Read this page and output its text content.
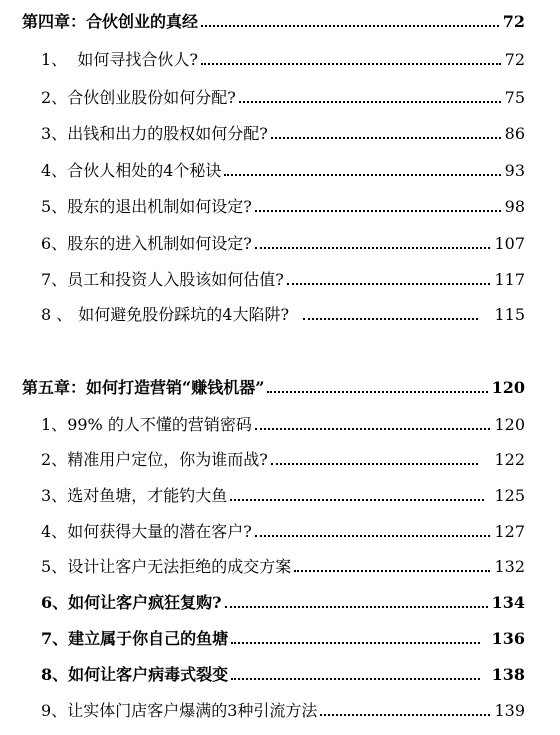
第四章：合伙创业的真经	72
1、  如何寻找合伙人?	72
2、合伙创业股份如何分配?	75
3、出钱和出力的股权如何分配?	86
4、合伙人相处的4个秘诀	93
5、股东的退出机制如何设定?	98
6、股东的进入机制如何设定?	107
7、员工和投资人入股该如何估值?	117
8 、 如何避免股份踩坑的4大陷阱?	115
第五章：如何打造营销“赚钱机器”	120
1、99% 的人不懂的营销密码	120
2、精准用户定位，你为谁而战?	122
3、选对鱼塘，才能钓大鱼	125
4、如何获得大量的潜在客户?	127
5、设计让客户无法拒绝的成交方案	132
6、如何让客户疯狂复购?	134
7、建立属于你自己的鱼塘	136
8、如何让客户病毒式裂变	138
9、让实体门店客户爆满的3种引流方法	139
